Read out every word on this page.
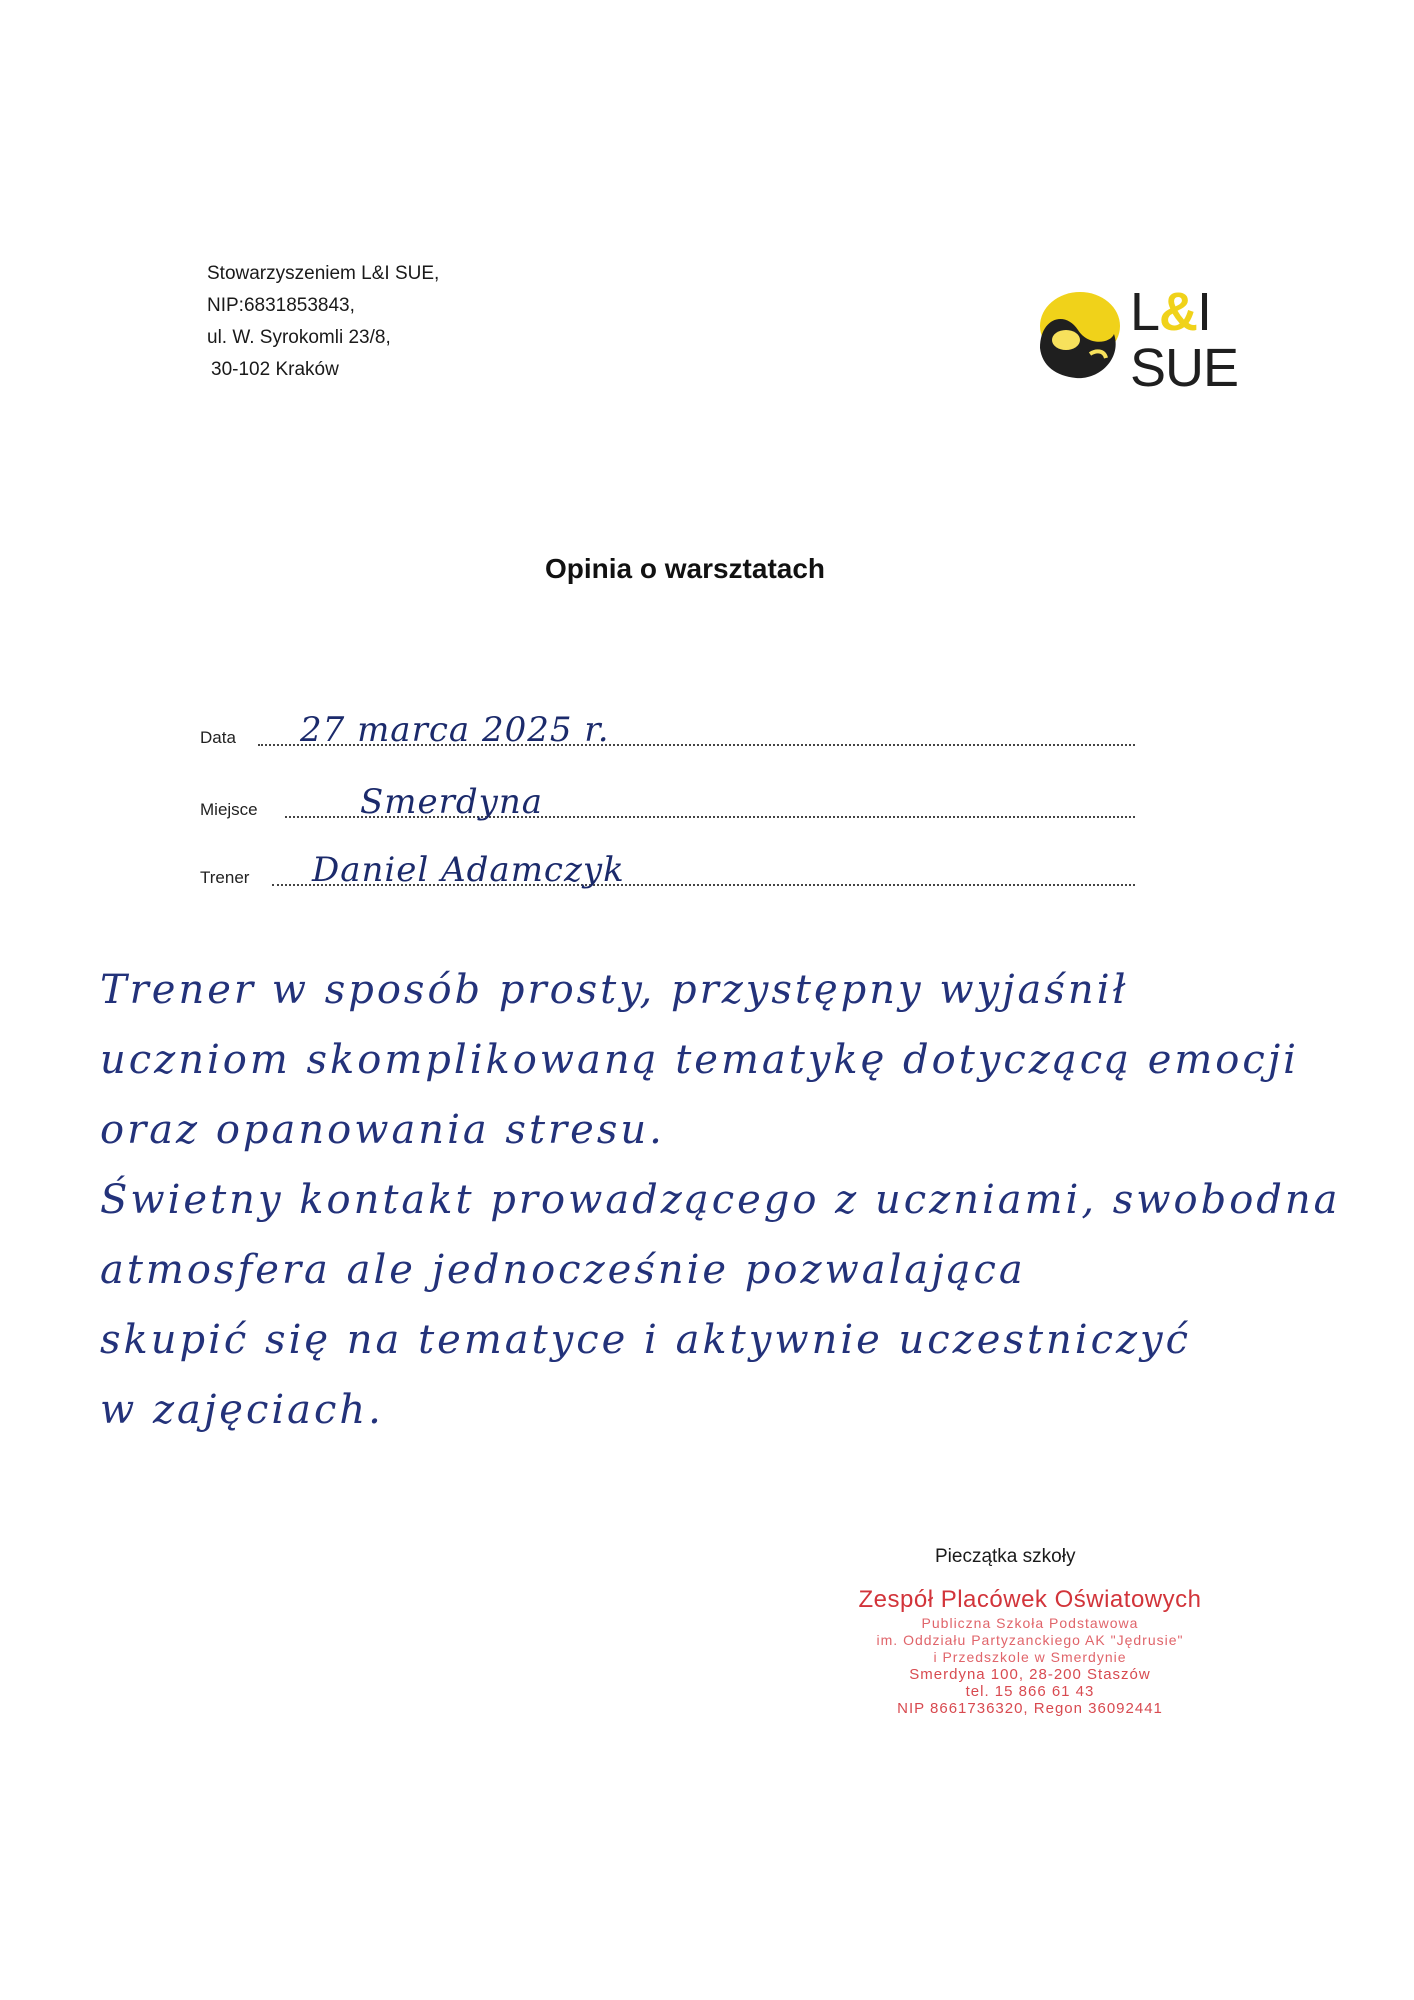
Stowarzyszeniem L&I SUE,
NIP:6831853843,
ul. W. Syrokomli 23/8,
30-102 Kraków
L&I
SUE
Opinia o warsztatach
Data 27 marca 2025 r.
Miejsce	Smerdyna
Trener Daniel Adamczyk
Trener w sposób prosty, przystępny wyjaśnił
uczniom skomplikowaną tematykę dotyczącą emocji
oraz opanowania stresu.
Świetny kontakt prowadzącego z uczniami, swobodna
atmosfera ale jednocześnie pozwalająca
skupić się na tematyce i aktywnie uczestniczyć
w zajęciach.
Pieczątka szkoły
Zespół Placówek Oświatowych
Publiczna Szkoła Podstawowa
im. Oddziału Partyzanckiego AK "Jędrusie"
i Przedszkole w Smerdynie
Smerdyna 100, 28-200 Staszów
tel. 15 866 61 43
NIP 8661736320, Regon 36092441
